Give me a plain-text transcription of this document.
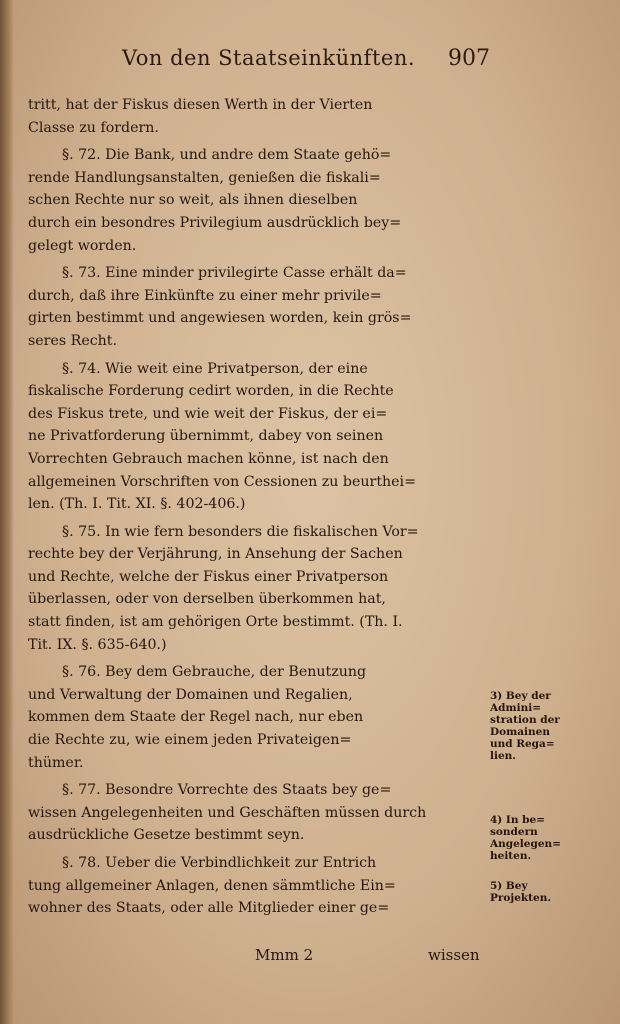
Von den Staatseinkünften. 907

tritt, hat der Fiskus diesen Werth in der Vierten
Classe zu fordern.

§. 72. Die Bank, und andre dem Staate gehö=
rende Handlungsanstalten, genießen die fiskali=
schen Rechte nur so weit, als ihnen dieselben
durch ein besondres Privilegium ausdrücklich bey=
gelegt worden.

§. 73. Eine minder privilegirte Casse erhält da=
durch, daß ihre Einkünfte zu einer mehr privile=
girten bestimmt und angewiesen worden, kein grös=
seres Recht.

§. 74. Wie weit eine Privatperson, der eine
fiskalische Forderung cedirt worden, in die Rechte
des Fiskus trete, und wie weit der Fiskus, der ei=
ne Privatforderung übernimmt, dabey von seinen
Vorrechten Gebrauch machen könne, ist nach den
allgemeinen Vorschriften von Cessionen zu beurthei=
len. (Th. I. Tit. XI. §. 402-406.)

§. 75. In wie fern besonders die fiskalischen Vor=
rechte bey der Verjährung, in Ansehung der Sachen
und Rechte, welche der Fiskus einer Privatperson
überlassen, oder von derselben überkommen hat,
statt finden, ist am gehörigen Orte bestimmt. (Th. I.
Tit. IX. §. 635-640.)

§. 76. Bey dem Gebrauche, der Benutzung
und Verwaltung der Domainen und Regalien,
kommen dem Staate der Regel nach, nur eben
die Rechte zu, wie einem jeden Privateigen=
thümer.

§. 77. Besondre Vorrechte des Staats bey ge=
wissen Angelegenheiten und Geschäften müssen durch
ausdrückliche Gesetze bestimmt seyn.

§. 78. Ueber die Verbindlichkeit zur Entrich
tung allgemeiner Anlagen, denen sämmtliche Ein=
wohner des Staats, oder alle Mitglieder einer ge=

3) Bey der
Admini=
stration der
Domainen
und Rega=
lien.
4) In be=
sondern
Angelegen=
heiten.
5) Bey
Projekten.
Mmm 2	wissen
